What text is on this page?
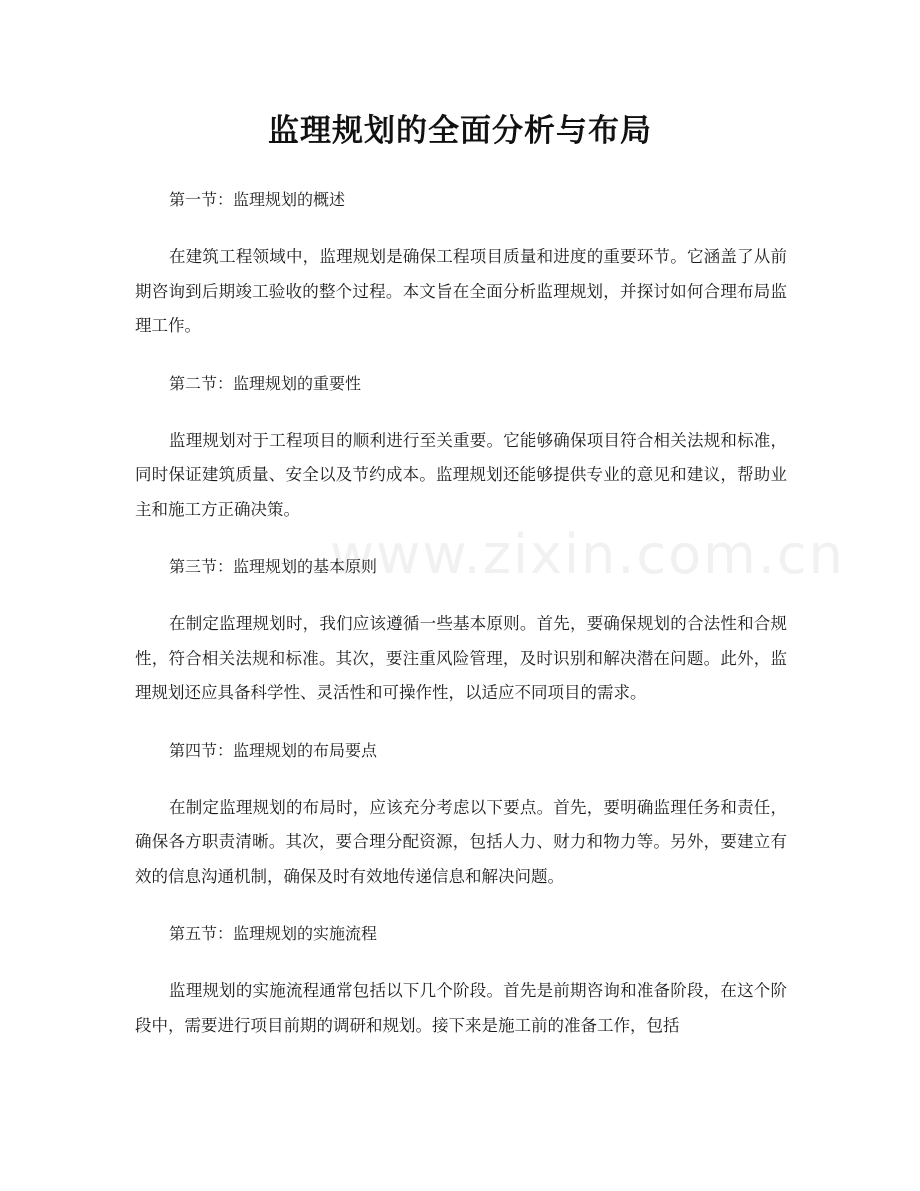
www.zixin.com.cn
监理规划的全面分析与布局

第一节：监理规划的概述

在建筑工程领域中，监理规划是确保工程项目质量和进度的重要环节。它涵盖了从前期咨询到后期竣工验收的整个过程。本文旨在全面分析监理规划，并探讨如何合理布局监理工作。

第二节：监理规划的重要性

监理规划对于工程项目的顺利进行至关重要。它能够确保项目符合相关法规和标准，同时保证建筑质量、安全以及节约成本。监理规划还能够提供专业的意见和建议，帮助业主和施工方正确决策。

第三节：监理规划的基本原则

在制定监理规划时，我们应该遵循一些基本原则。首先，要确保规划的合法性和合规性，符合相关法规和标准。其次，要注重风险管理，及时识别和解决潜在问题。此外，监理规划还应具备科学性、灵活性和可操作性，以适应不同项目的需求。

第四节：监理规划的布局要点

在制定监理规划的布局时，应该充分考虑以下要点。首先，要明确监理任务和责任，确保各方职责清晰。其次，要合理分配资源，包括人力、财力和物力等。另外，要建立有效的信息沟通机制，确保及时有效地传递信息和解决问题。

第五节：监理规划的实施流程

监理规划的实施流程通常包括以下几个阶段。首先是前期咨询和准备阶段，在这个阶段中，需要进行项目前期的调研和规划。接下来是施工前的准备工作，包括
